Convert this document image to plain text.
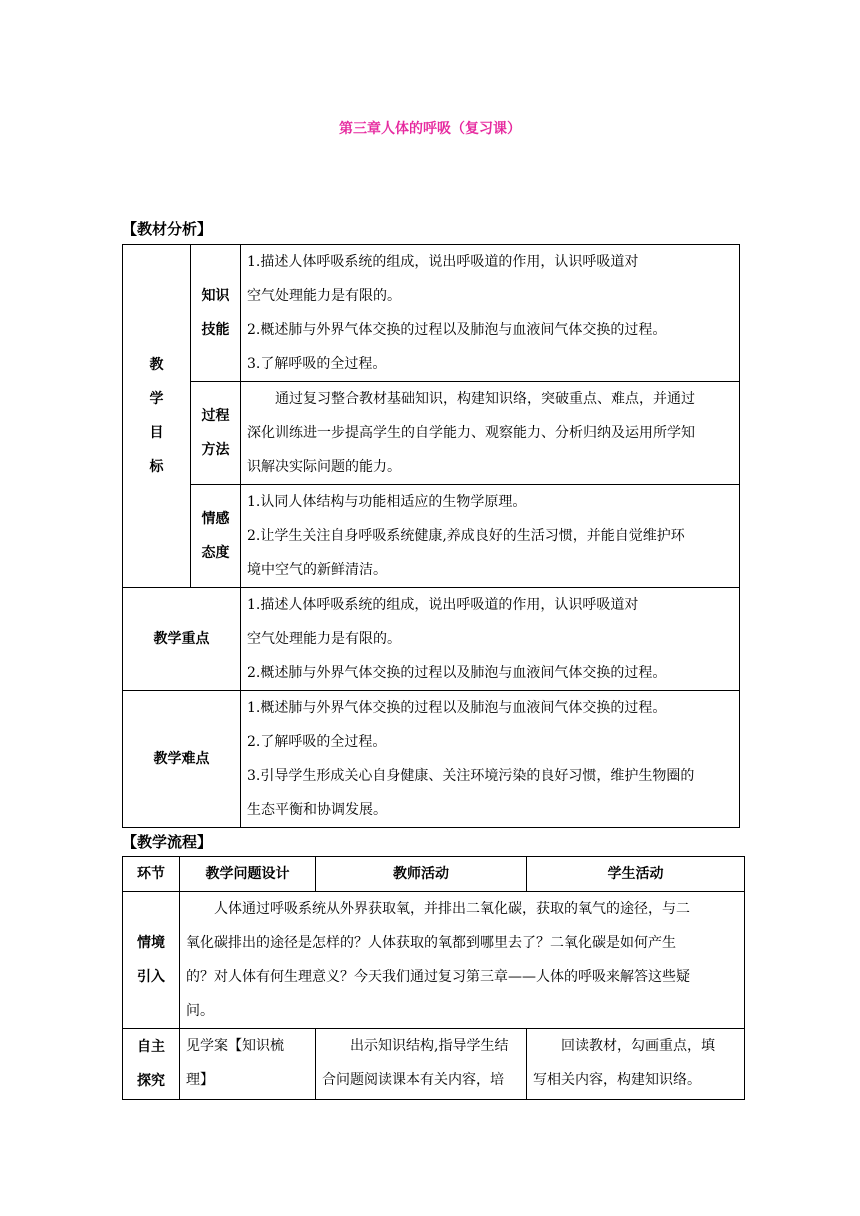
第三章人体的呼吸（复习课）
【教材分析】
教
学
目
标	知识
技能	1.描述人体呼吸系统的组成，说出呼吸道的作用，认识呼吸道对
空气处理能力是有限的。
2.概述肺与外界气体交换的过程以及肺泡与血液间气体交换的过程。
3.了解呼吸的全过程。

	过程
方法	通过复习整合教材基础知识，构建知识络，突破重点、难点，并通过
深化训练进一步提高学生的自学能力、观察能力、分析归纳及运用所学知
识解决实际问题的能力。

	情感
态度	1.认同人体结构与功能相适应的生物学原理。
2.让学生关注自身呼吸系统健康,养成良好的生活习惯，并能自觉维护环
境中空气的新鲜清洁。

教学重点		1.描述人体呼吸系统的组成，说出呼吸道的作用，认识呼吸道对
空气处理能力是有限的。
2.概述肺与外界气体交换的过程以及肺泡与血液间气体交换的过程。

教学难点		1.概述肺与外界气体交换的过程以及肺泡与血液间气体交换的过程。
2.了解呼吸的全过程。
3.引导学生形成关心自身健康、关注环境污染的良好习惯，维护生物圈的
生态平衡和协调发展。
【教学流程】
环节	教学问题设计	教师活动	学生活动

情境
引入	人体通过呼吸系统从外界获取氧，并排出二氧化碳，获取的氧气的途径，与二
氧化碳排出的途径是怎样的？人体获取的氧都到哪里去了？二氧化碳是如何产生
的？对人体有何生理意义？今天我们通过复习第三章——人体的呼吸来解答这些疑
问。		

自主
探究	见学案【知识梳
理】	出示知识结构,指导学生结
合问题阅读课本有关内容，培	回读教材，勾画重点，填
写相关内容，构建知识络。
